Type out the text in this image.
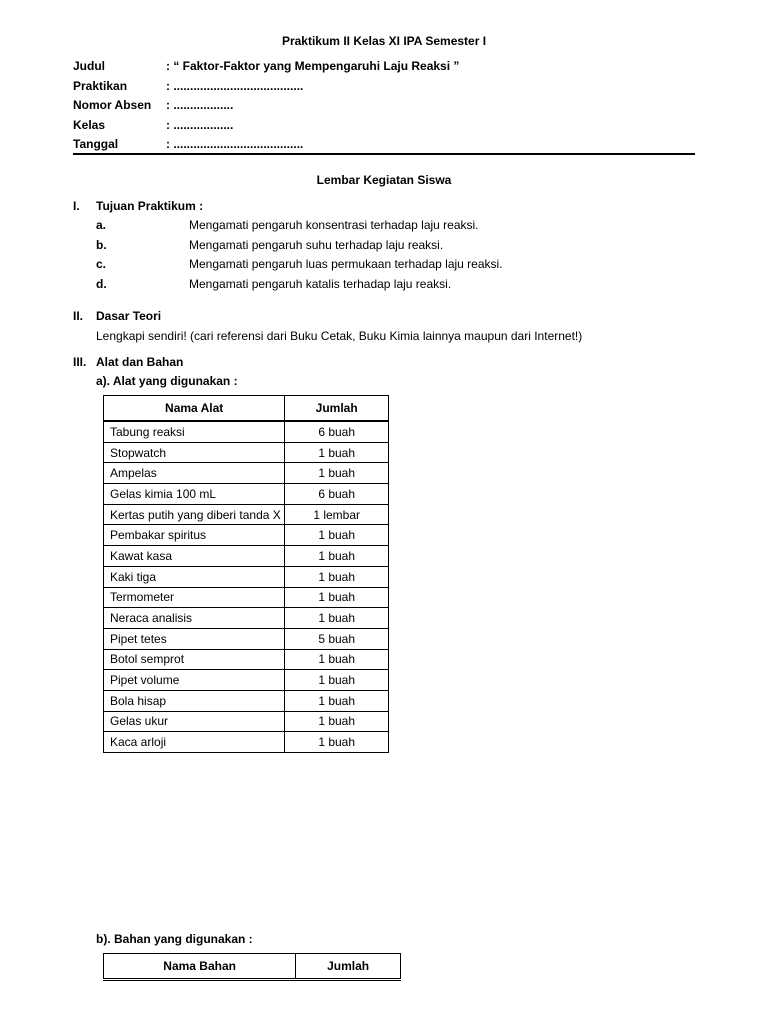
Praktikum II Kelas XI IPA Semester I
Judul	: “ Faktor-Faktor yang Mempengaruhi Laju Reaksi ”
Praktikan	: .......................................
Nomor Absen : ..................
Kelas	: ..................
Tanggal	: .......................................
Lembar Kegiatan Siswa
I. Tujuan Praktikum :
a.	Mengamati pengaruh konsentrasi terhadap laju reaksi.
b.	Mengamati pengaruh suhu terhadap laju reaksi.
c.	Mengamati pengaruh luas permukaan terhadap laju reaksi.
d.	Mengamati pengaruh katalis terhadap laju reaksi.
II. Dasar Teori
Lengkapi sendiri! (cari referensi dari Buku Cetak, Buku Kimia lainnya maupun dari Internet!)
III. Alat dan Bahan
a). Alat yang digunakan :
Nama Alat	Jumlah
Tabung reaksi	6 buah
Stopwatch	1 buah
Ampelas	1 buah
Gelas kimia 100 mL	6 buah
Kertas putih yang diberi tanda X	1 lembar
Pembakar spiritus	1 buah
Kawat kasa	1 buah
Kaki tiga	1 buah
Termometer	1 buah
Neraca analisis	1 buah
Pipet tetes	5 buah
Botol semprot	1 buah
Pipet volume	1 buah
Bola hisap	1 buah
Gelas ukur	1 buah
Kaca arloji	1 buah
b). Bahan yang digunakan :
Nama Bahan	Jumlah
